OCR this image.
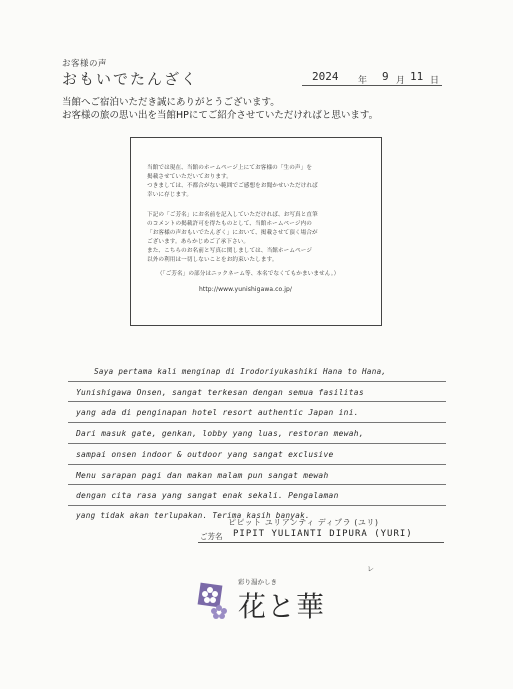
お客様の声
おもいでたんざく	2024 年 9 月 11 日
当館へご宿泊いただき誠にありがとうございます。
お客様の旅の思い出を当館HPにてご紹介させていただければと思います。
当館では現在、当館のホームページ上にてお客様の「生の声」を
掲載させていただいております。
つきましては、不都合がない範囲でご感想をお聞かせいただければ
幸いに存じます。
下記の「ご芳名」にお名前を記入していただければ、お写真と直筆
のコメントの掲載許可を得たものとして、当館ホームページ内の
「お客様の声おもいでたんざく」において、掲載させて頂く場合が
ございます。あらかじめご了承下さい。
また、こちらのお名前と写真に関しましては、当館ホームページ
以外の利用は一切しないことをお約束いたします。
（「ご芳名」の部分はニックネーム等、本名でなくてもかまいません。）
http://www.yunishigawa.co.jp/
Saya pertama kali menginap di Irodoriyukashiki Hana to Hana,
Yunishigawa Onsen, sangat terkesan dengan semua fasilitas
yang ada di penginapan hotel resort authentic Japan ini.
Dari masuk gate, genkan, lobby yang luas, restoran mewah,
sampai onsen indoor & outdoor yang sangat exclusive
Menu sarapan pagi dan makan malam pun sangat mewah
dengan cita rasa yang sangat enak sekali. Pengalaman
yang tidak akan terlupakan. Terima kasih banyak.
ピピット ユリアンティ ディプラ (ユリ)
ご芳名 PIPIT YULIANTI DIPURA (YURI)
レ
彩り湯かしき
花と華
